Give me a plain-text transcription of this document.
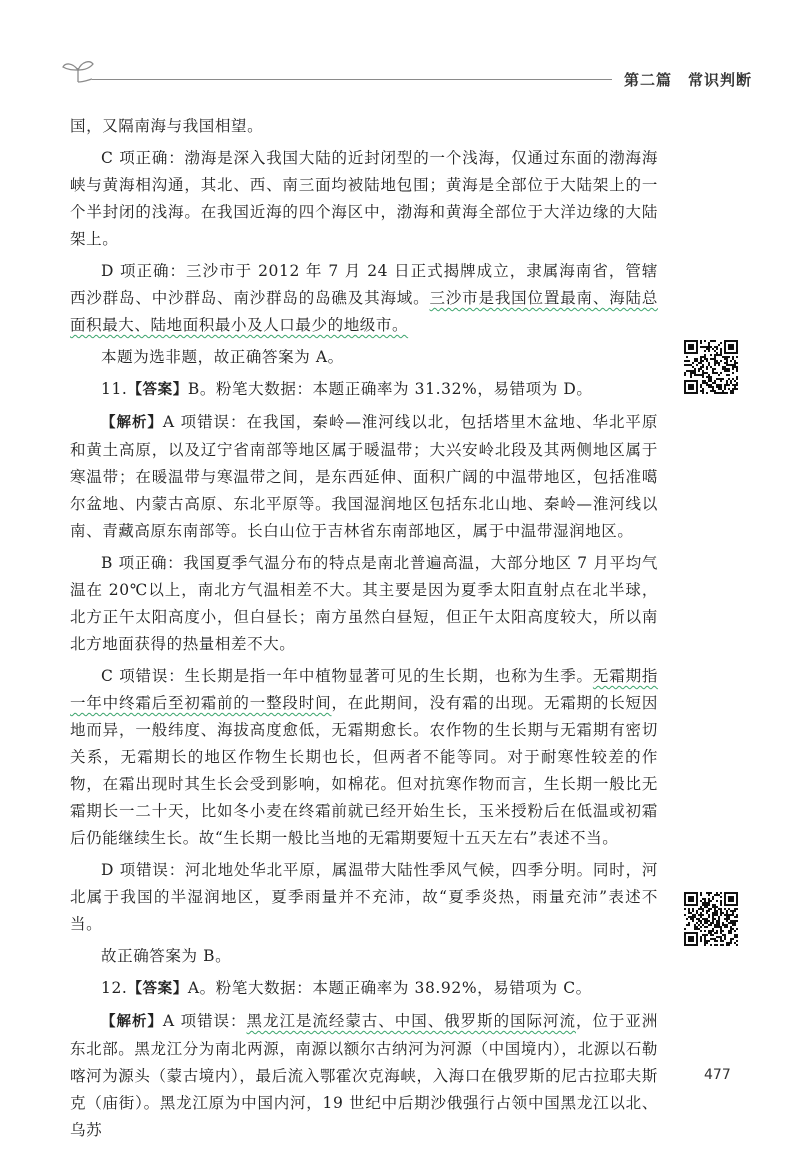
第二篇　常识判断

国，又隔南海与我国相望。

C 项正确：渤海是深入我国大陆的近封闭型的一个浅海，仅通过东面的渤海海峡与黄海相沟通，其北、西、南三面均被陆地包围；黄海是全部位于大陆架上的一个半封闭的浅海。在我国近海的四个海区中，渤海和黄海全部位于大洋边缘的大陆架上。

D 项正确：三沙市于 2012 年 7 月 24 日正式揭牌成立，隶属海南省，管辖西沙群岛、中沙群岛、南沙群岛的岛礁及其海域。三沙市是我国位置最南、海陆总面积最大、陆地面积最小及人口最少的地级市。

本题为选非题，故正确答案为 A。

11.【答案】B。粉笔大数据：本题正确率为 31.32%，易错项为 D。

【解析】A 项错误：在我国，秦岭—淮河线以北，包括塔里木盆地、华北平原和黄土高原，以及辽宁省南部等地区属于暖温带；大兴安岭北段及其两侧地区属于寒温带；在暖温带与寒温带之间，是东西延伸、面积广阔的中温带地区，包括准噶尔盆地、内蒙古高原、东北平原等。我国湿润地区包括东北山地、秦岭—淮河线以南、青藏高原东南部等。长白山位于吉林省东南部地区，属于中温带湿润地区。

B 项正确：我国夏季气温分布的特点是南北普遍高温，大部分地区 7 月平均气温在 20℃以上，南北方气温相差不大。其主要是因为夏季太阳直射点在北半球，北方正午太阳高度小，但白昼长；南方虽然白昼短，但正午太阳高度较大，所以南北方地面获得的热量相差不大。

C 项错误：生长期是指一年中植物显著可见的生长期，也称为生季。无霜期指一年中终霜后至初霜前的一整段时间，在此期间，没有霜的出现。无霜期的长短因地而异，一般纬度、海拔高度愈低，无霜期愈长。农作物的生长期与无霜期有密切关系，无霜期长的地区作物生长期也长，但两者不能等同。对于耐寒性较差的作物，在霜出现时其生长会受到影响，如棉花。但对抗寒作物而言，生长期一般比无霜期长一二十天，比如冬小麦在终霜前就已经开始生长，玉米授粉后在低温或初霜后仍能继续生长。故“生长期一般比当地的无霜期要短十五天左右”表述不当。

D 项错误：河北地处华北平原，属温带大陆性季风气候，四季分明。同时，河北属于我国的半湿润地区，夏季雨量并不充沛，故“夏季炎热，雨量充沛”表述不当。

故正确答案为 B。

12.【答案】A。粉笔大数据：本题正确率为 38.92%，易错项为 C。

【解析】A 项错误：黑龙江是流经蒙古、中国、俄罗斯的国际河流，位于亚洲东北部。黑龙江分为南北两源，南源以额尔古纳河为河源（中国境内），北源以石勒喀河为源头（蒙古境内），最后流入鄂霍次克海峡，入海口在俄罗斯的尼古拉耶夫斯克（庙街）。黑龙江原为中国内河，19 世纪中后期沙俄强行占领中国黑龙江以北、乌苏

477
